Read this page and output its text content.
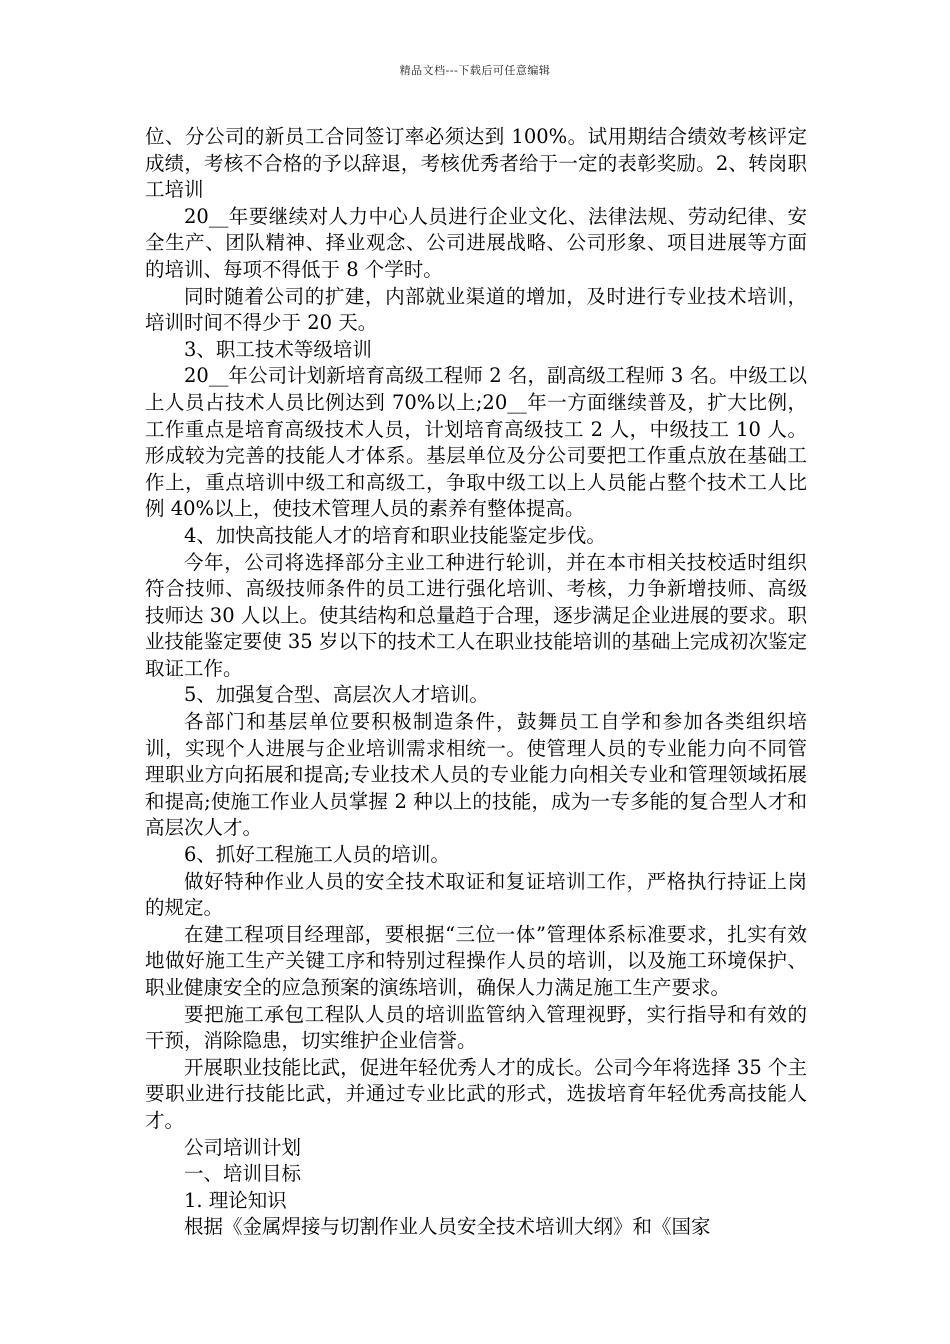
精品文档---下载后可任意编辑

位、分公司的新员工合同签订率必须达到 100%。试用期结合绩效考核评定成绩，考核不合格的予以辞退，考核优秀者给于一定的表彰奖励。2、转岗职工培训

20__年要继续对人力中心人员进行企业文化、法律法规、劳动纪律、安全生产、团队精神、择业观念、公司进展战略、公司形象、项目进展等方面的培训、每项不得低于 8 个学时。

同时随着公司的扩建，内部就业渠道的增加，及时进行专业技术培训，培训时间不得少于 20 天。

3、职工技术等级培训

20__年公司计划新培育高级工程师 2 名，副高级工程师 3 名。中级工以上人员占技术人员比例达到 70%以上;20__年一方面继续普及，扩大比例，工作重点是培育高级技术人员，计划培育高级技工 2 人，中级技工 10 人。形成较为完善的技能人才体系。基层单位及分公司要把工作重点放在基础工作上，重点培训中级工和高级工，争取中级工以上人员能占整个技术工人比例 40%以上，使技术管理人员的素养有整体提高。

4、加快高技能人才的培育和职业技能鉴定步伐。

今年，公司将选择部分主业工种进行轮训，并在本市相关技校适时组织符合技师、高级技师条件的员工进行强化培训、考核，力争新增技师、高级技师达 30 人以上。使其结构和总量趋于合理，逐步满足企业进展的要求。职业技能鉴定要使 35 岁以下的技术工人在职业技能培训的基础上完成初次鉴定取证工作。

5、加强复合型、高层次人才培训。

各部门和基层单位要积极制造条件，鼓舞员工自学和参加各类组织培训，实现个人进展与企业培训需求相统一。使管理人员的专业能力向不同管理职业方向拓展和提高;专业技术人员的专业能力向相关专业和管理领域拓展和提高;使施工作业人员掌握 2 种以上的技能，成为一专多能的复合型人才和高层次人才。

6、抓好工程施工人员的培训。

做好特种作业人员的安全技术取证和复证培训工作，严格执行持证上岗的规定。

在建工程项目经理部，要根据“三位一体”管理体系标准要求，扎实有效地做好施工生产关键工序和特别过程操作人员的培训，以及施工环境保护、职业健康安全的应急预案的演练培训，确保人力满足施工生产要求。

要把施工承包工程队人员的培训监管纳入管理视野，实行指导和有效的干预，消除隐患，切实维护企业信誉。

开展职业技能比武，促进年轻优秀人才的成长。公司今年将选择 35 个主要职业进行技能比武，并通过专业比武的形式，选拔培育年轻优秀高技能人才。

公司培训计划

一、培训目标

1. 理论知识

根据《金属焊接与切割作业人员安全技术培训大纲》和《国家
